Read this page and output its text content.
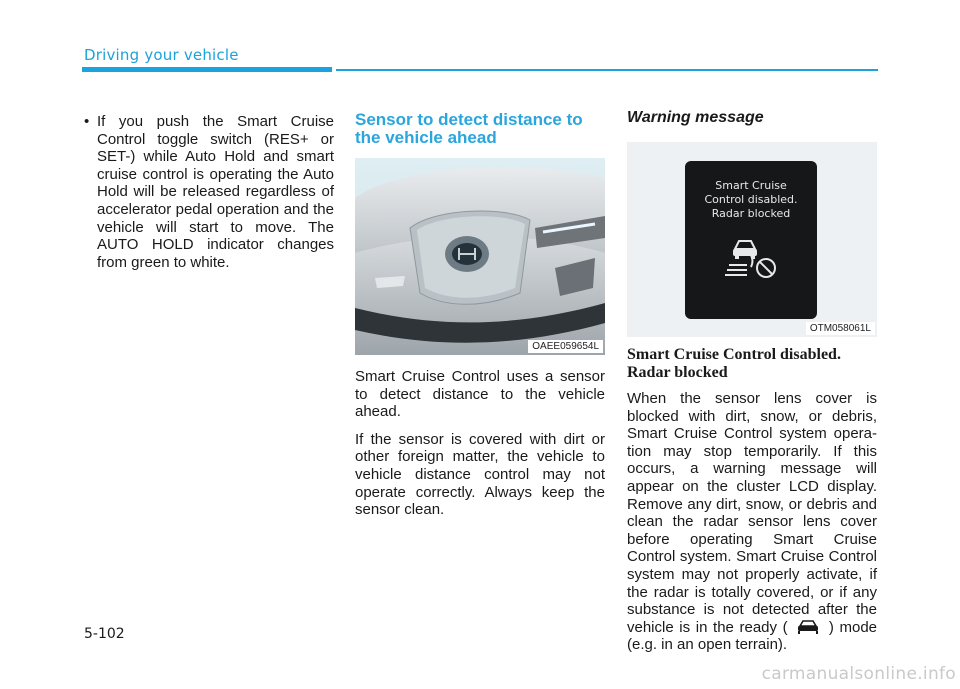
Driving your vehicle
• If you push the Smart Cruise Control toggle switch (RES+ or SET-) while Auto Hold and smart cruise control is operating the Auto Hold will be released regardless of accelerator pedal operation and the vehicle will start to move. The AUTO HOLD indicator changes from green to white.
Sensor to detect distance to the vehicle ahead
OAEE059654L

Smart Cruise Control uses a sensor to detect distance to the vehicle ahead.

If the sensor is covered with dirt or other foreign matter, the vehicle to vehicle distance control may not operate correctly. Always keep the sensor clean.

Warning message
Smart Cruise
Control disabled.
Radar blocked
OTM058061L
Smart Cruise Control disabled. Radar blocked

When the sensor lens cover is blocked with dirt, snow, or debris, Smart Cruise Control system opera-tion may stop temporarily. If this occurs, a warning message will appear on the cluster LCD display. Remove any dirt, snow, or debris and clean the radar sensor lens cover before operating Smart Cruise Control system. Smart Cruise Control system may not properly activate, if the radar is totally covered, or if any substance is not detected after the vehicle is in the ready (	) mode (e.g. in an open terrain).

5-102
carmanualsonline.info
